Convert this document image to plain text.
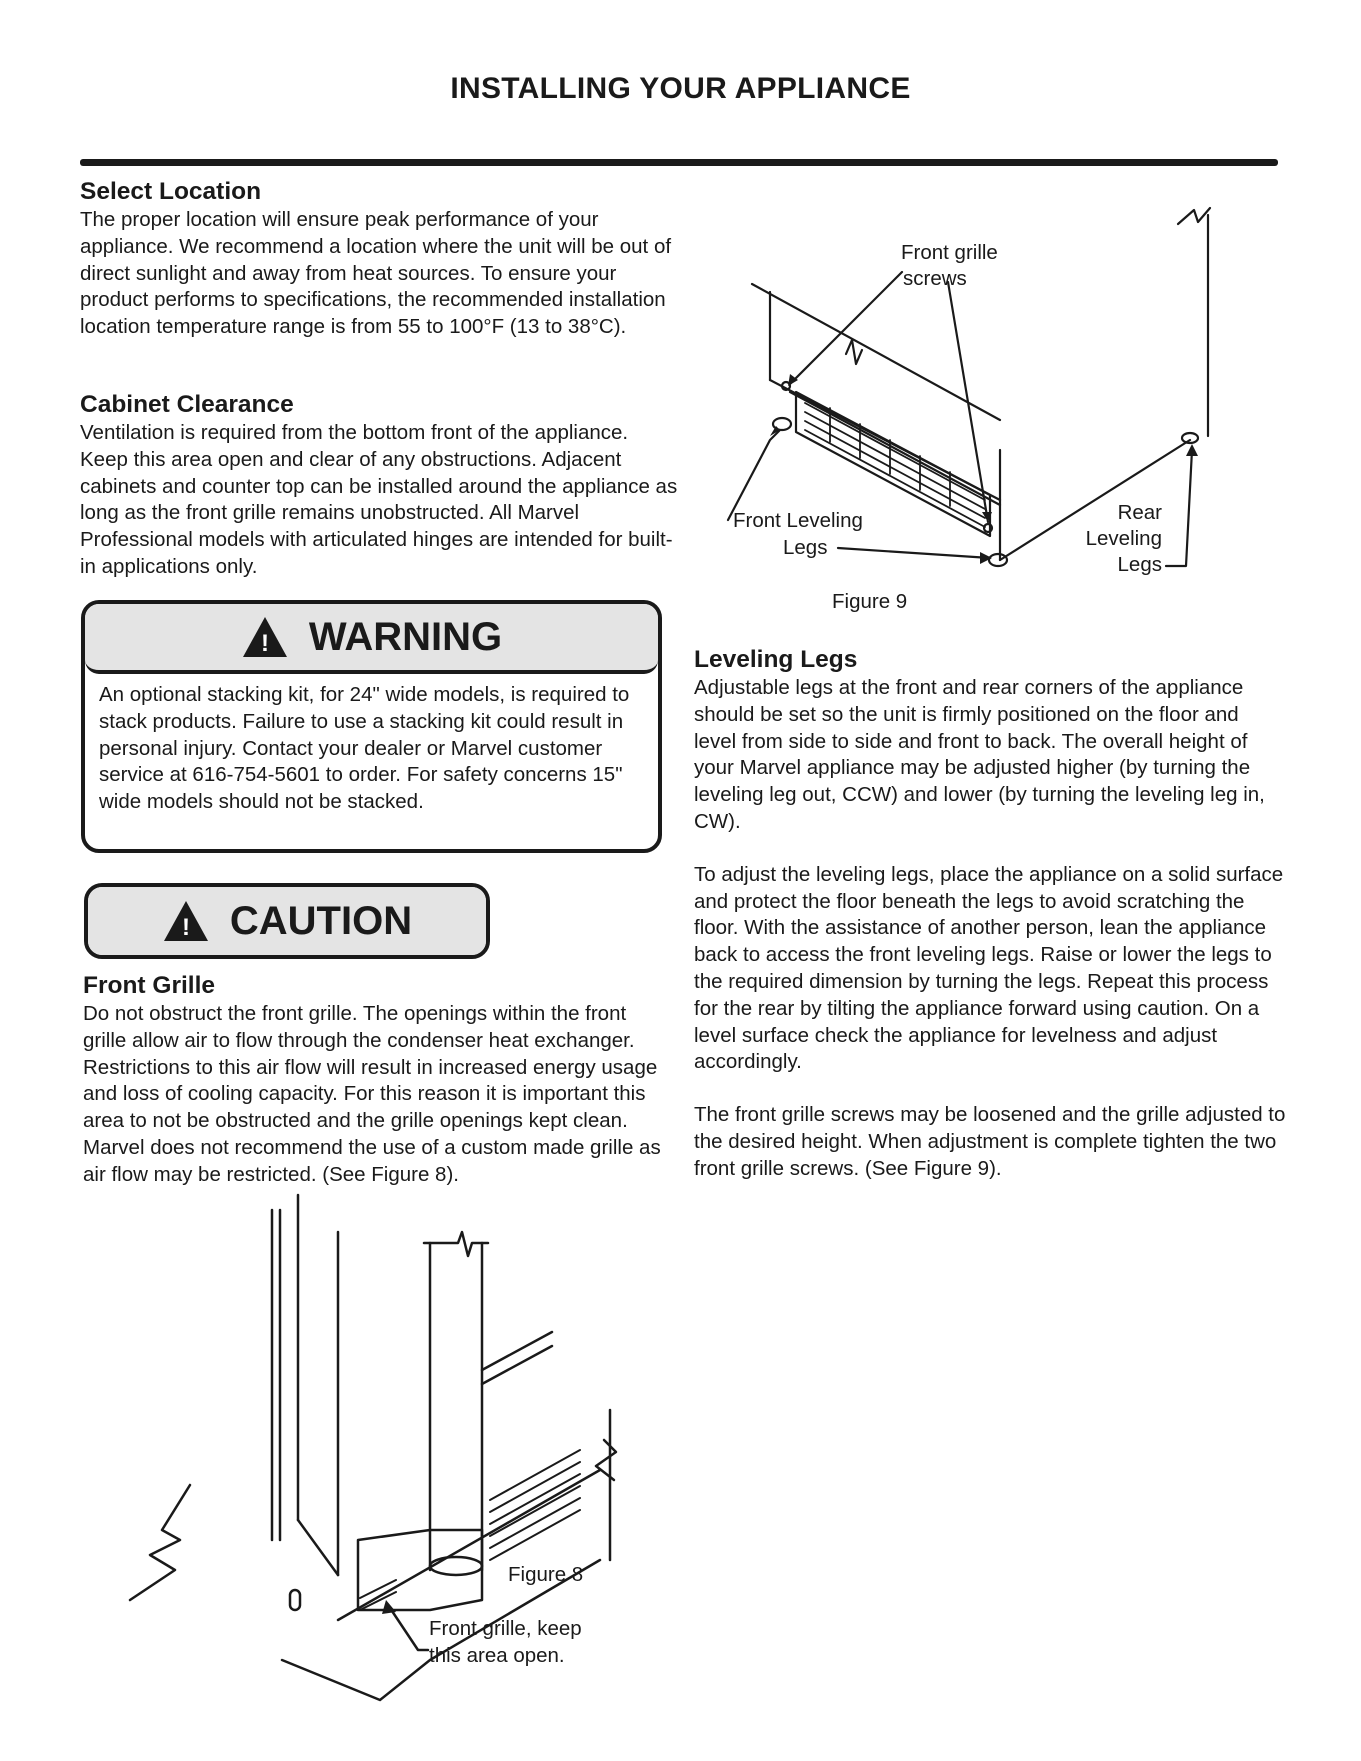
INSTALLING YOUR APPLIANCE
Select Location

The proper location will ensure peak performance of your appliance. We recommend a location where the unit will be out of direct sunlight and away from heat sources. To ensure your product performs to specifications, the recommended installation location temperature range is from 55 to 100°F (13 to 38°C).

Cabinet Clearance

Ventilation is required from the bottom front of the appliance. Keep this area open and clear of any obstructions. Adjacent cabinets and counter top can be installed around the appliance as long as the front grille remains unobstructed. All Marvel Professional models with articulated hinges are intended for built-in applications only.

! WARNING
An optional stacking kit, for 24" wide models, is required to stack products. Failure to use a stacking kit could result in personal injury. Contact your dealer or Marvel customer service at 616-754-5601 to order. For safety concerns 15" wide models should not be stacked.
! CAUTION
Front Grille

Do not obstruct the front grille. The openings within the front grille allow air to flow through the condenser heat exchanger. Restrictions to this air flow will result in increased energy usage and loss of cooling capacity. For this reason it is important this area to not be obstructed and the grille openings kept clean. Marvel does not recommend the use of a custom made grille as air flow may be restricted. (See Figure 8).

Figure 8
Front grille, keep
this area open.
Front grille
screws
Front Leveling
Legs
Rear
Leveling
Legs
Figure 9
Leveling Legs

Adjustable legs at the front and rear corners of the appliance should be set so the unit is firmly positioned on the floor and level from side to side and front to back. The overall height of your Marvel appliance may be adjusted higher (by turning the leveling leg out, CCW) and lower (by turning the leveling leg in, CW).

To adjust the leveling legs, place the appliance on a solid surface and protect the floor beneath the legs to avoid scratching the floor. With the assistance of another person, lean the appliance back to access the front leveling legs. Raise or lower the legs to the required dimension by turning the legs. Repeat this process for the rear by tilting the appliance forward using caution. On a level surface check the appliance for levelness and adjust accordingly.

The front grille screws may be loosened and the grille adjusted to the desired height. When adjustment is complete tighten the two front grille screws. (See Figure 9).
